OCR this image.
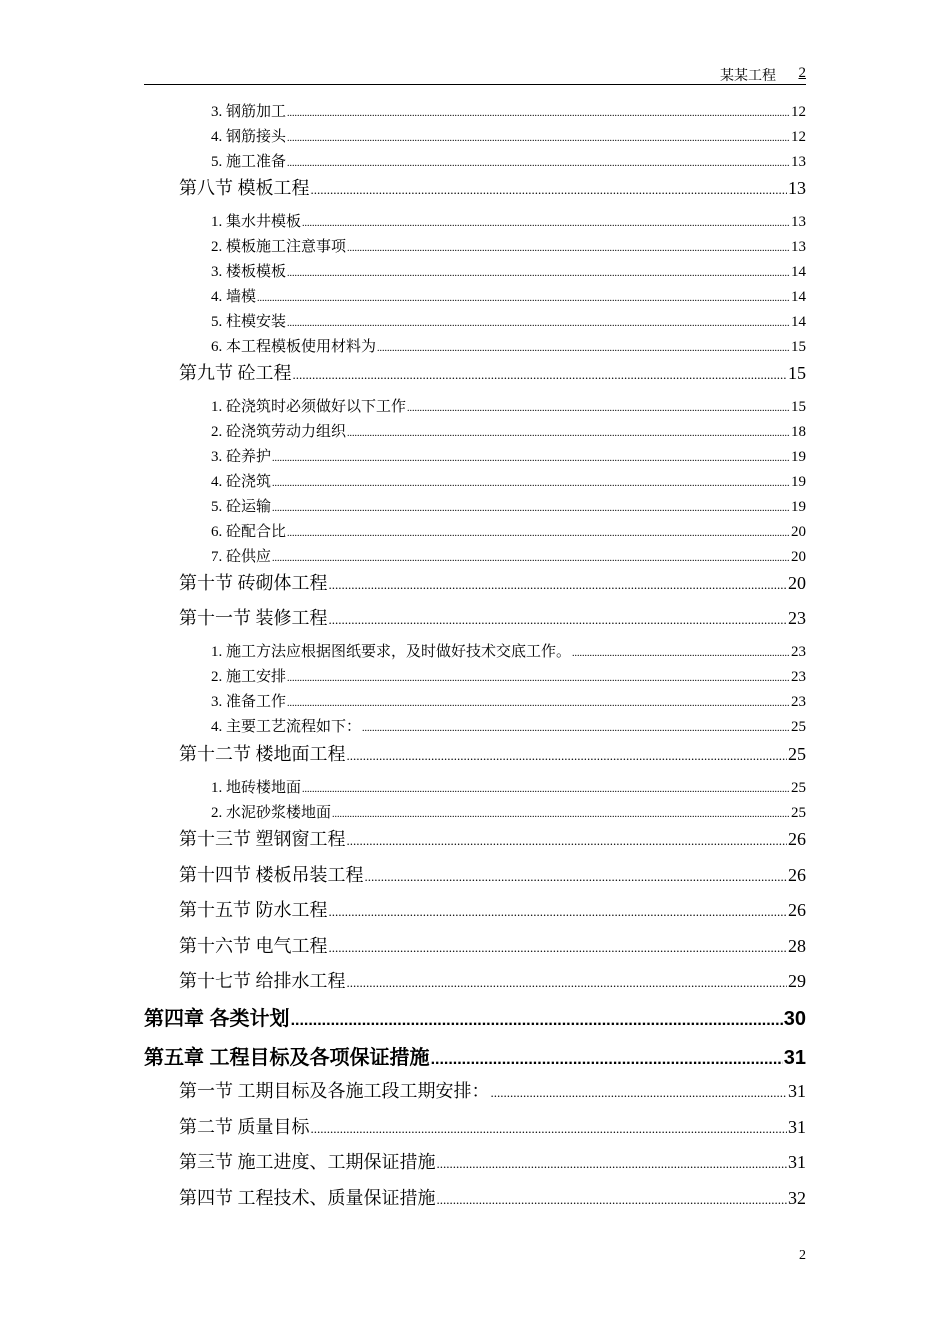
某某工程 2
3. 钢筋加工 .....	12
4. 钢筋接头 .....	12
5. 施工准备 .....	13
第八节 模板工程 .....	13
1. 集水井模板 .....	13
2. 模板施工注意事项 .....	13
3. 楼板模板 .....	14
4. 墙模 .....	14
5. 柱模安装 .....	14
6. 本工程模板使用材料为 .....	15
第九节 砼工程 .....	15
1. 砼浇筑时必须做好以下工作 .....	15
2. 砼浇筑劳动力组织 .....	18
3. 砼养护 .....	19
4. 砼浇筑 .....	19
5. 砼运输 .....	19
6. 砼配合比 .....	20
7. 砼供应 .....	20
第十节 砖砌体工程 .....	20
第十一节 装修工程 .....	23
1. 施工方法应根据图纸要求，及时做好技术交底工作。 .....	23
2. 施工安排 .....	23
3. 准备工作 .....	23
4. 主要工艺流程如下： .....	25
第十二节 楼地面工程 .....	25
1. 地砖楼地面 .....	25
2. 水泥砂浆楼地面 .....	25
第十三节 塑钢窗工程 .....	26
第十四节 楼板吊装工程 .....	26
第十五节 防水工程 .....	26
第十六节 电气工程 .....	28
第十七节 给排水工程 .....	29
第四章 各类计划 .....	30
第五章 工程目标及各项保证措施 .....	31
第一节 工期目标及各施工段工期安排： .....	31
第二节 质量目标 .....	31
第三节 施工进度、工期保证措施 .....	31
第四节 工程技术、质量保证措施 .....	32
2
